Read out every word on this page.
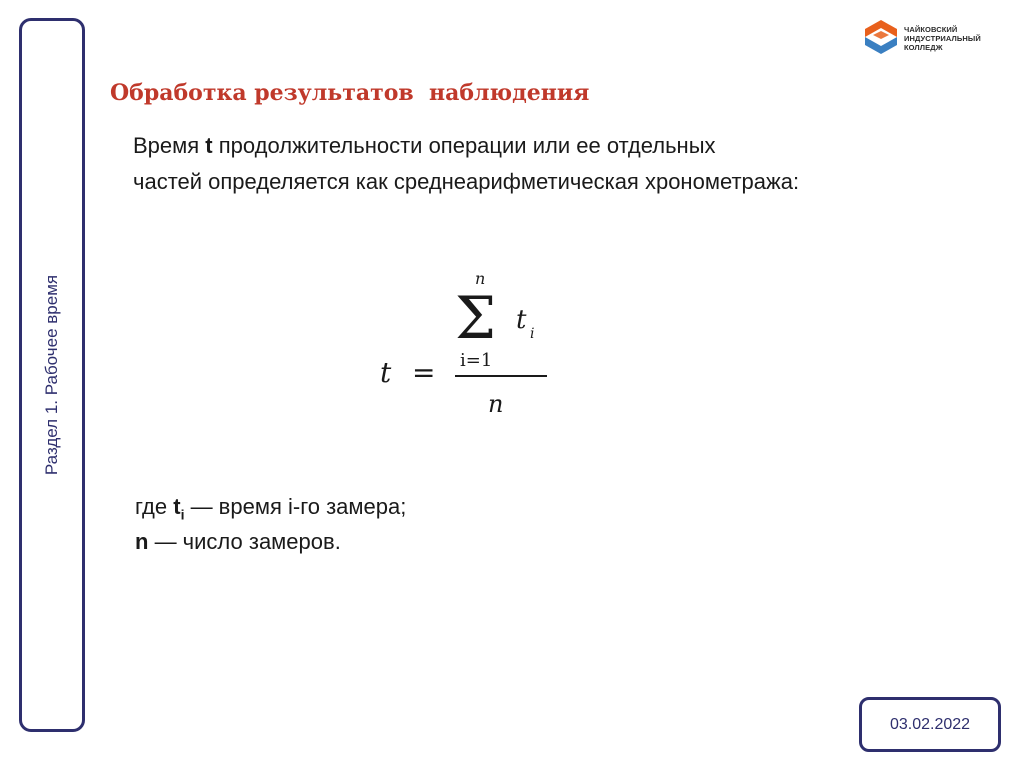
Раздел 1. Рабочее время
ЧАЙКОВСКИЙ
ИНДУСТРИАЛЬНЫЙ
КОЛЛЕДЖ
Обработка результатов  наблюдения
Время t продолжительности операции или ее отдельных
частей определяется как среднеарифметическая хронометража:
t =
n
Σ t i
i=1
n
где $t_i$ — время i-го замера;
n — число замеров.
03.02.2022
